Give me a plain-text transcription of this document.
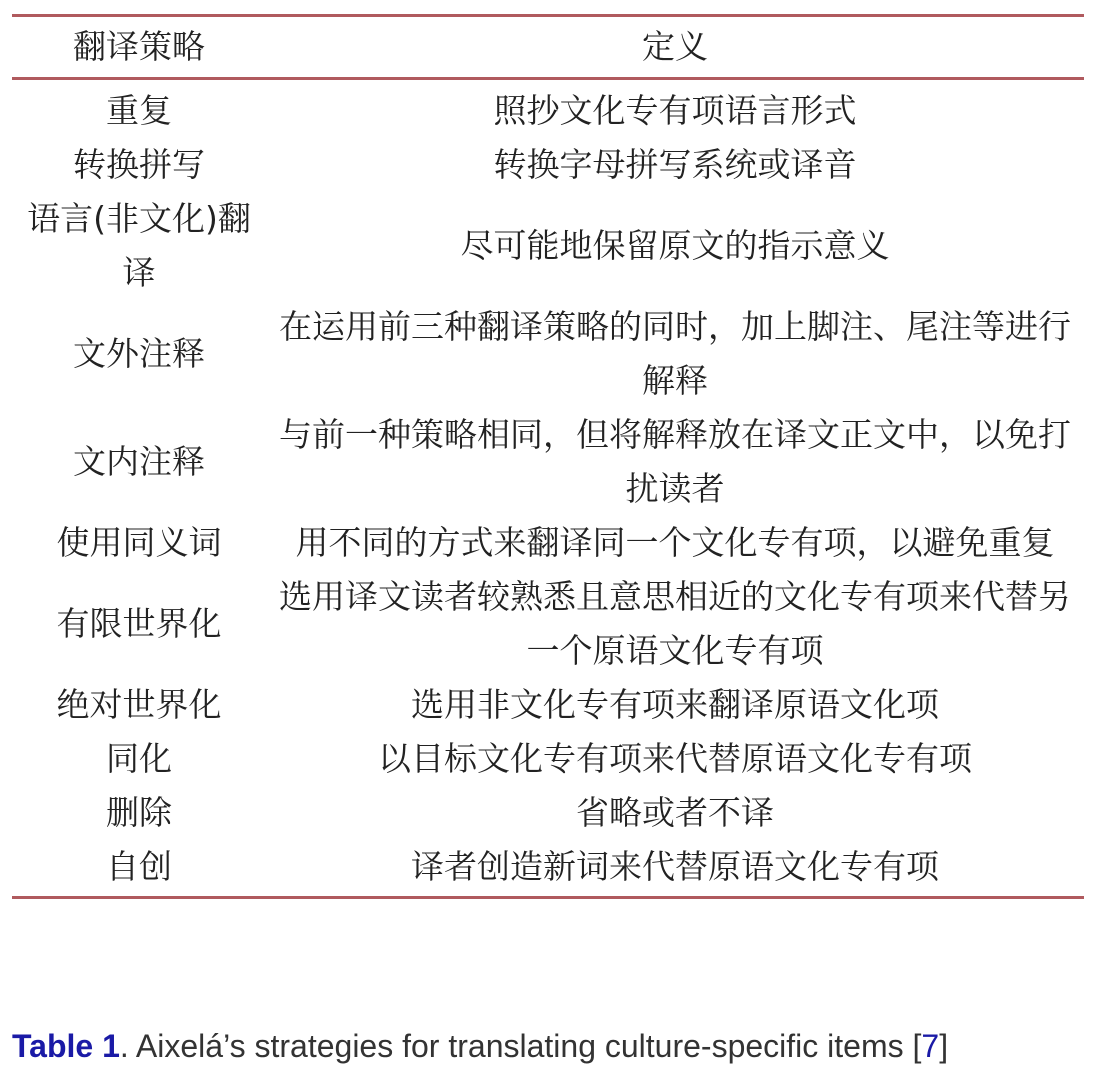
翻译策略	定义
重复	照抄文化专有项语言形式
转换拼写	转换字母拼写系统或译音
语言(非文化)翻译	尽可能地保留原文的指示意义
文外注释	在运用前三种翻译策略的同时，加上脚注、尾注等进行解释
文内注释	与前一种策略相同，但将解释放在译文正文中，以免打扰读者
使用同义词	用不同的方式来翻译同一个文化专有项，以避免重复
有限世界化	选用译文读者较熟悉且意思相近的文化专有项来代替另一个原语文化专有项
绝对世界化	选用非文化专有项来翻译原语文化项
同化	以目标文化专有项来代替原语文化专有项
删除	省略或者不译
自创	译者创造新词来代替原语文化专有项
Table 1. Aixelá’s strategies for translating culture-specific items [7]
